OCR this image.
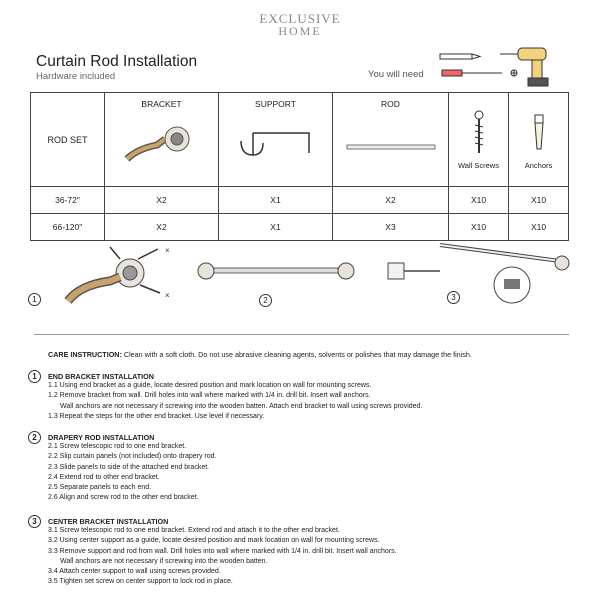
EXCLUSIVE
HOME
Curtain Rod Installation
Hardware included	You will need
ROD SET	BRACKET	SUPPORT	ROD	Wall Screws	Anchors

36-72"	X2	X1	X2	X10	X10
66-120"	X2	X1	X3	X10	X10
×
×
1	2	3
CARE INSTRUCTION: Clean with a soft cloth. Do not use abrasive cleaning agents, solvents or polishes that may damage the finish.
1	END BRACKET INSTALLATION
1.1 Using end bracket as a guide, locate desired position and mark location on wall for mounting screws.
1.2 Remove bracket from wall. Drill holes into wall where marked with 1/4 in. drill bit. Insert wall anchors.
Wall anchors are not necessary if screwing into the wooden batten. Attach end bracket to wall using screws provided.
1.3 Repeat the steps for the other end bracket. Use level if necessary.
2	DRAPERY ROD INSTALLATION
2.1 Screw telescopic rod to one end bracket.
2.2 Slip curtain panels (not included) onto drapery rod.
2.3 Slide panels to side of the attached end bracket.
2.4 Extend rod to other end bracket.
2.5 Separate panels to each end.
2.6 Align and screw rod to the other end bracket.
3	CENTER BRACKET INSTALLATION
3.1 Screw telescopic rod to one end bracket. Extend rod and attach it to the other end bracket.
3.2 Using center support as a guide, locate desired position and mark location on wall for mounting screws.
3.3 Remove support and rod from wall. Drill holes into wall where marked with 1/4 in. drill bit. Insert wall anchors.
Wall anchors are not necessary if screwing into the wooden batten.
3.4 Attach center support to wall using screws provided.
3.5 Tighten set screw on center support to lock rod in place.
